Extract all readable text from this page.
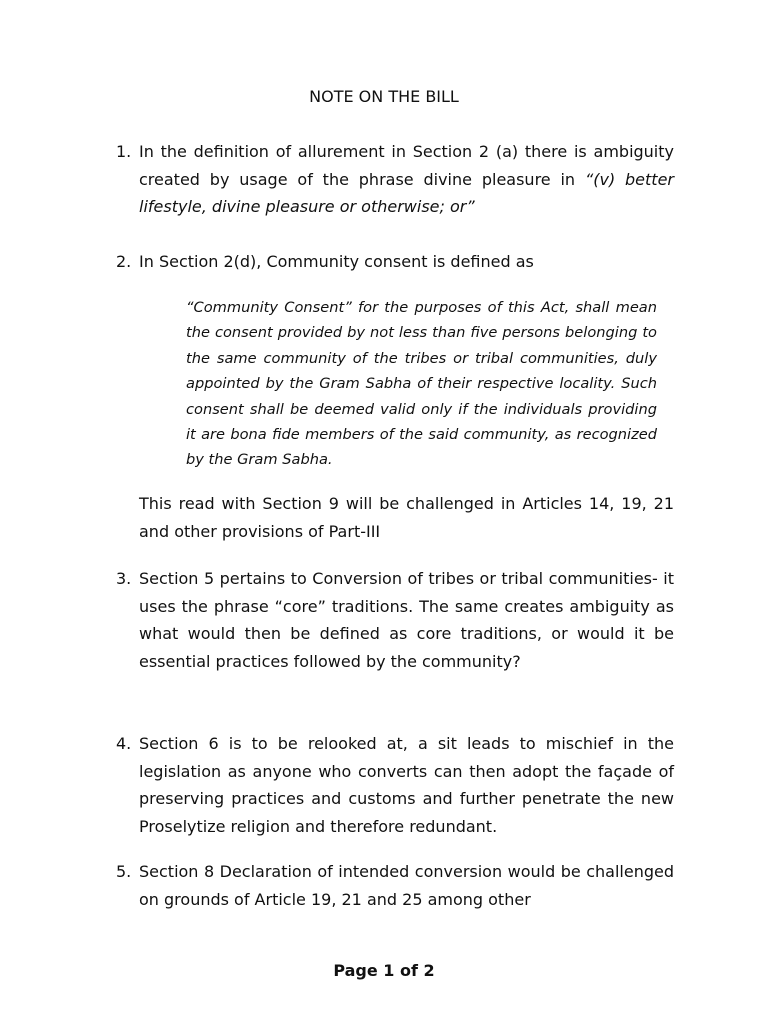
NOTE ON THE BILL
1. In the definition of allurement in Section 2 (a) there is ambiguity created by usage of the phrase divine pleasure in “(v) better lifestyle, divine pleasure or otherwise; or”
2. In Section 2(d), Community consent is defined as
“Community Consent” for the purposes of this Act, shall mean the consent provided by not less than five persons belonging to the same community of the tribes or tribal communities, duly appointed by the Gram Sabha of their respective locality. Such consent shall be deemed valid only if the individuals providing it are bona fide members of the said community, as recognized by the Gram Sabha.
This read with Section 9 will be challenged in Articles 14, 19, 21 and other provisions of Part-III
3. Section 5 pertains to Conversion of tribes or tribal communities- it uses the phrase “core” traditions. The same creates ambiguity as what would then be defined as core traditions, or would it be essential practices followed by the community?
4. Section 6 is to be relooked at, a sit leads to mischief in the legislation as anyone who converts can then adopt the façade of preserving practices and customs and further penetrate the new Proselytize religion and therefore redundant.
5. Section 8 Declaration of intended conversion would be challenged on grounds of Article 19, 21 and 25 among other
Page 1 of 2
